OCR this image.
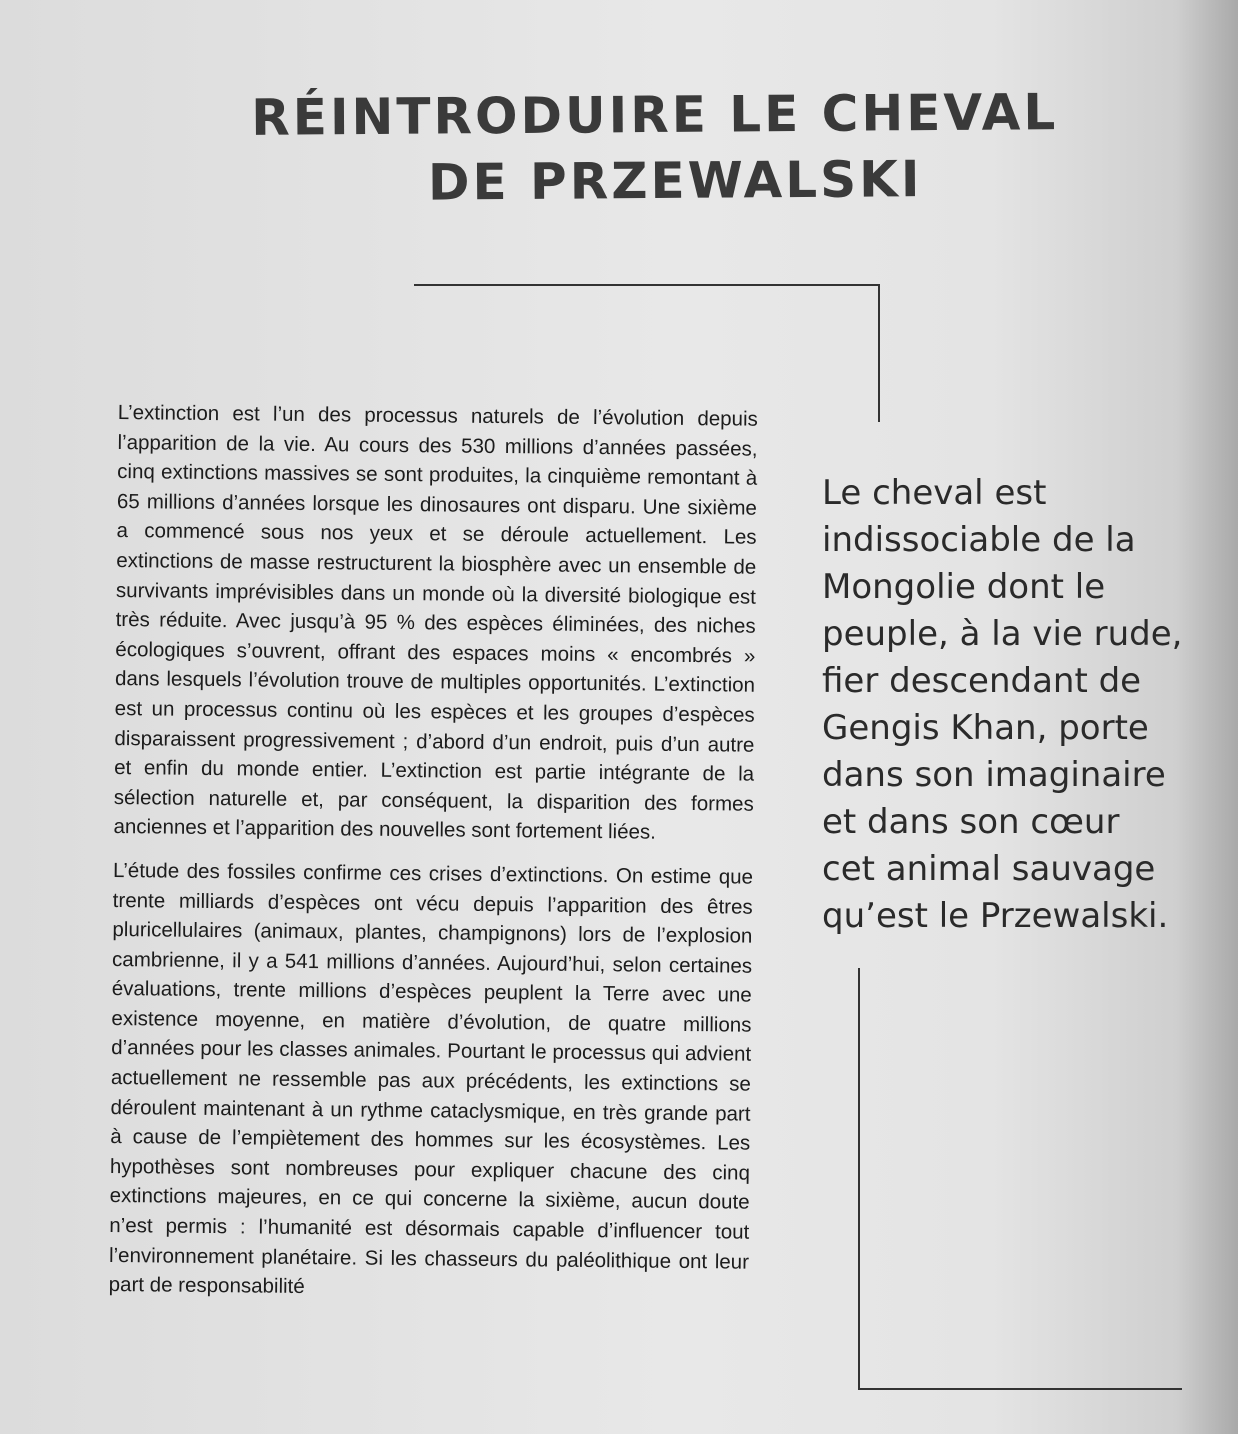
RÉINTRODUIRE LE CHEVAL
DE PRZEWALSKI

L’extinction est l’un des processus naturels de l’évolution depuis l’apparition de la vie. Au cours des 530 millions d’années passées, cinq extinctions massives se sont produites, la cinquième remontant à 65 millions d’années lorsque les dinosaures ont disparu. Une sixième a commencé sous nos yeux et se déroule actuellement. Les extinctions de masse restructurent la biosphère avec un ensemble de survivants imprévisibles dans un monde où la diversité biologique est très réduite. Avec jusqu’à 95 % des espèces éliminées, des niches écologiques s’ouvrent, offrant des espaces moins « encombrés » dans lesquels l’évolution trouve de multiples opportunités. L’extinction est un processus continu où les espèces et les groupes d’espèces disparaissent progressivement ; d’abord d’un endroit, puis d’un autre et enfin du monde entier. L’extinction est partie intégrante de la sélection naturelle et, par conséquent, la disparition des formes anciennes et l’apparition des nouvelles sont fortement liées.

L’étude des fossiles confirme ces crises d’extinctions. On estime que trente milliards d’espèces ont vécu depuis l’apparition des êtres pluricellulaires (animaux, plantes, champignons) lors de l’explosion cambrienne, il y a 541 millions d’années. Aujourd’hui, selon certaines évaluations, trente millions d’espèces peuplent la Terre avec une existence moyenne, en matière d’évolution, de quatre millions d’années pour les classes animales. Pourtant le processus qui advient actuellement ne ressemble pas aux précédents, les extinctions se déroulent maintenant à un rythme cataclysmique, en très grande part à cause de l’empiètement des hommes sur les écosystèmes. Les hypothèses sont nombreuses pour expliquer chacune des cinq extinctions majeures, en ce qui concerne la sixième, aucun doute n’est permis : l’humanité est désormais capable d’influencer tout l’environnement planétaire. Si les chasseurs du paléolithique ont leur part de responsabilité

Le cheval est
indissociable de la
Mongolie dont le
peuple, à la vie rude,
fier descendant de
Gengis Khan, porte
dans son imaginaire
et dans son cœur
cet animal sauvage
qu’est le Przewalski.
